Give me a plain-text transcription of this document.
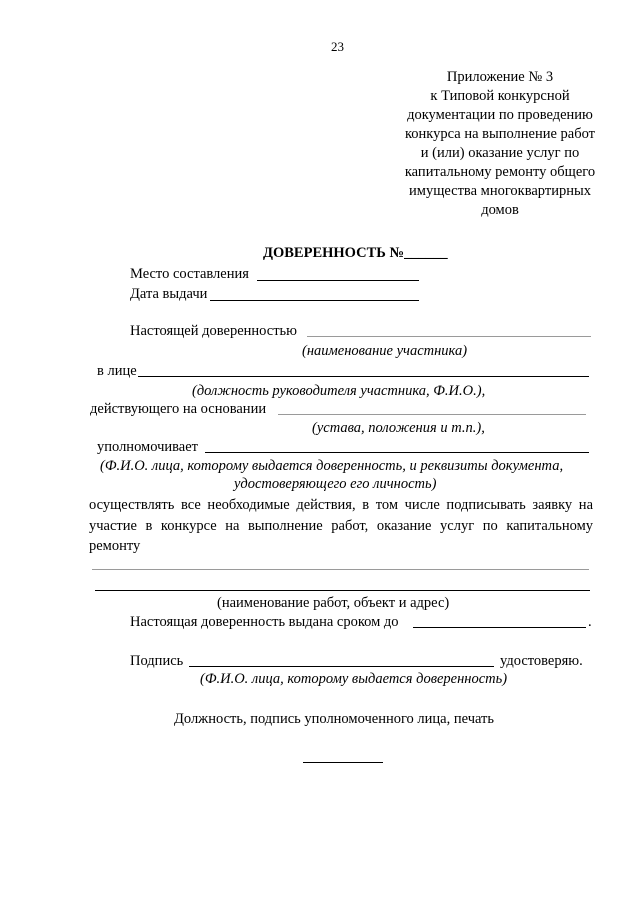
23
Приложение № 3
к Типовой конкурсной
документации по проведению
конкурса на выполнение работ
и (или) оказание услуг по
капитальному ремонту общего
имущества многоквартирных
домов
ДОВЕРЕННОСТЬ №______
Место составления
Дата выдачи
Настоящей доверенностью
(наименование участника)
в лице
(должность руководителя участника, Ф.И.О.),
действующего на основании
(устава, положения и т.п.),
уполномочивает
(Ф.И.О. лица, которому выдается доверенность, и реквизиты документа,
удостоверяющего его личность)
осуществлять все необходимые действия, в том числе подписывать заявку на
участие в конкурсе на выполнение работ, оказание услуг по капитальному
ремонту
(наименование работ, объект и адрес)
Настоящая доверенность выдана сроком до	.
Подпись	удостоверяю.
(Ф.И.О. лица, которому выдается доверенность)
Должность, подпись уполномоченного лица, печать
